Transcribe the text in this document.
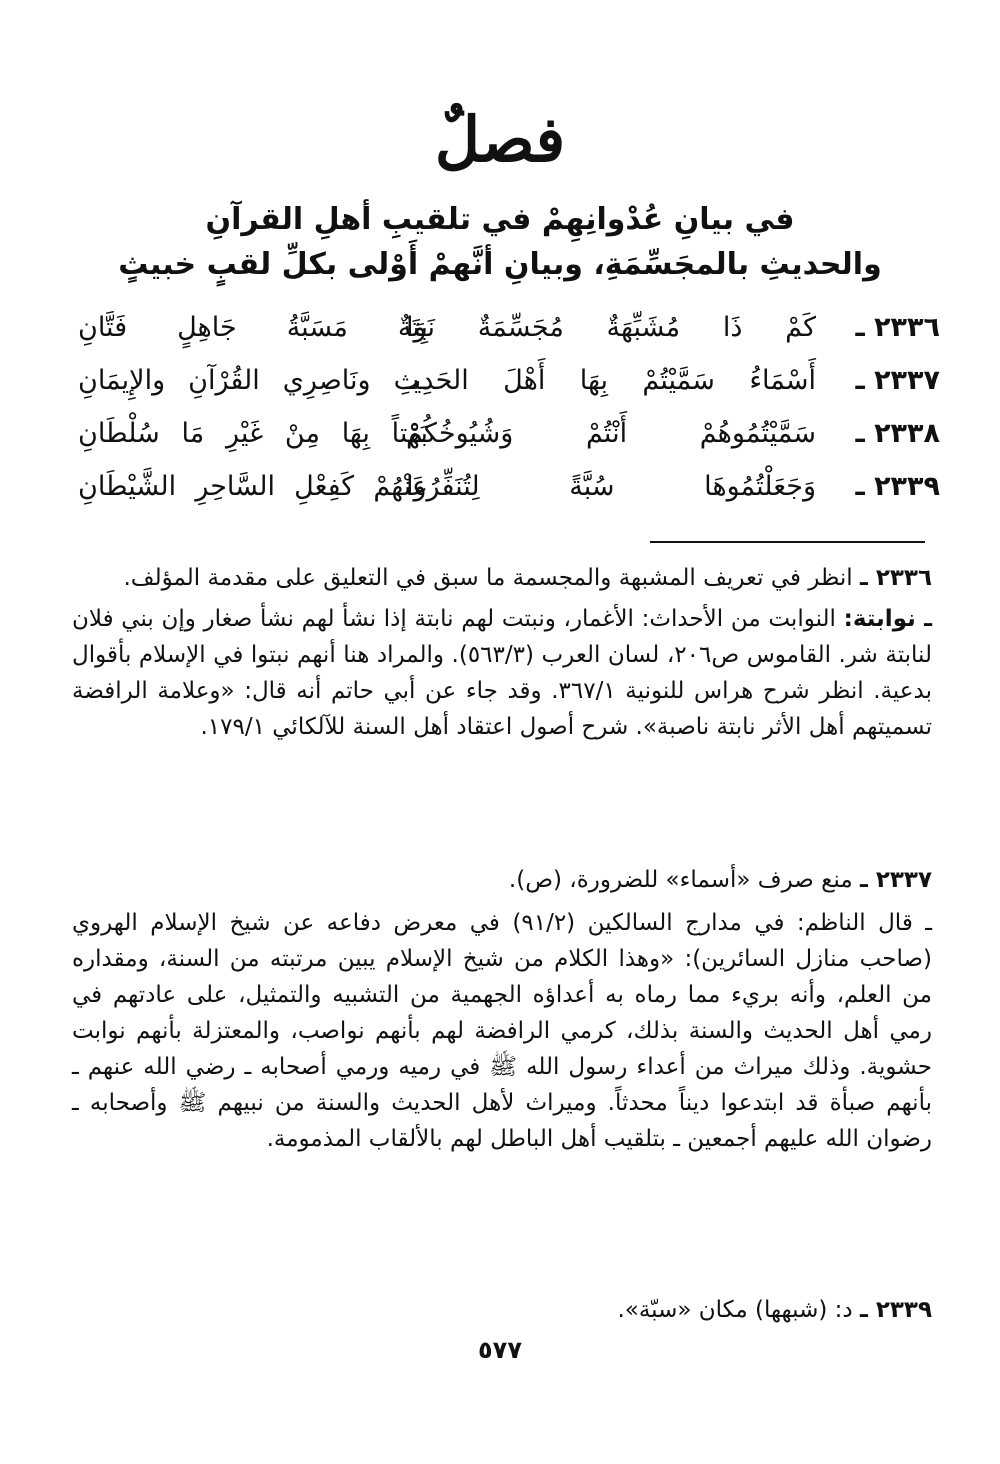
فصلٌ
في بيانِ عُدْوانِهِمْ في تلقيبِ أهلِ القرآنِ
والحديثِ بالمجَسِّمَةِ، وبيانِ أنَّهمْ أَوْلى بكلِّ لقبٍ خبيثٍ
٢٣٣٦ ـ
كَمْ ذَا مُشَبِّهَةٌ مُجَسِّمَةٌ نَوَا
بِتَةٌ مَسَبَّةُ جَاهِلٍ فَتَّانِ
٢٣٣٧ ـ
أَسْمَاءُ سَمَّيْتُمْ بِهَا أَهْلَ الحَدِيـ
ـثِ ونَاصِرِي القُرْآنِ والإِيمَانِ
٢٣٣٨ ـ
سَمَّيْتُمُوهُمْ أَنْتُمْ وَشُيُوخُكُمْ
بَهْتاً بِهَا مِنْ غَيْرِ مَا سُلْطَانِ
٢٣٣٩ ـ
وَجَعَلْتُمُوهَا سُبَّةً لِتُنَفِّرُوا
عَنْهُمْ كَفِعْلِ السَّاحِرِ الشَّيْطَانِ
٢٣٣٦ ـ انظر في تعريف المشبهة والمجسمة ما سبق في التعليق على مقدمة المؤلف.
ـ نوابتة: النوابت من الأحداث: الأغمار، ونبتت لهم نابتة إذا نشأ لهم نشأ صغار وإن بني فلان لنابتة شر. القاموس ص٢٠٦، لسان العرب (٥٦٣/٣). والمراد هنا أنهم نبتوا في الإسلام بأقوال بدعية. انظر شرح هراس للنونية ٣٦٧/١. وقد جاء عن أبي حاتم أنه قال: «وعلامة الرافضة تسميتهم أهل الأثر نابتة ناصبة». شرح أصول اعتقاد أهل السنة للآلكائي ١٧٩/١.
٢٣٣٧ ـ منع صرف «أسماء» للضرورة، (ص).
ـ قال الناظم: في مدارج السالكين (٩١/٢) في معرض دفاعه عن شيخ الإسلام الهروي (صاحب منازل السائرين): «وهذا الكلام من شيخ الإسلام يبين مرتبته من السنة، ومقداره من العلم، وأنه بريء مما رماه به أعداؤه الجهمية من التشبيه والتمثيل، على عادتهم في رمي أهل الحديث والسنة بذلك، كرمي الرافضة لهم بأنهم نواصب، والمعتزلة بأنهم نوابت حشوية. وذلك ميراث من أعداء رسول الله ﷺ في رميه ورمي أصحابه ـ رضي الله عنهم ـ بأنهم صبأة قد ابتدعوا ديناً محدثاً. وميراث لأهل الحديث والسنة من نبيهم ﷺ وأصحابه ـ رضوان الله عليهم أجمعين ـ بتلقيب أهل الباطل لهم بالألقاب المذمومة.
٢٣٣٩ ـ د: (شبهها) مكان «سبّة».
٥٧٧
